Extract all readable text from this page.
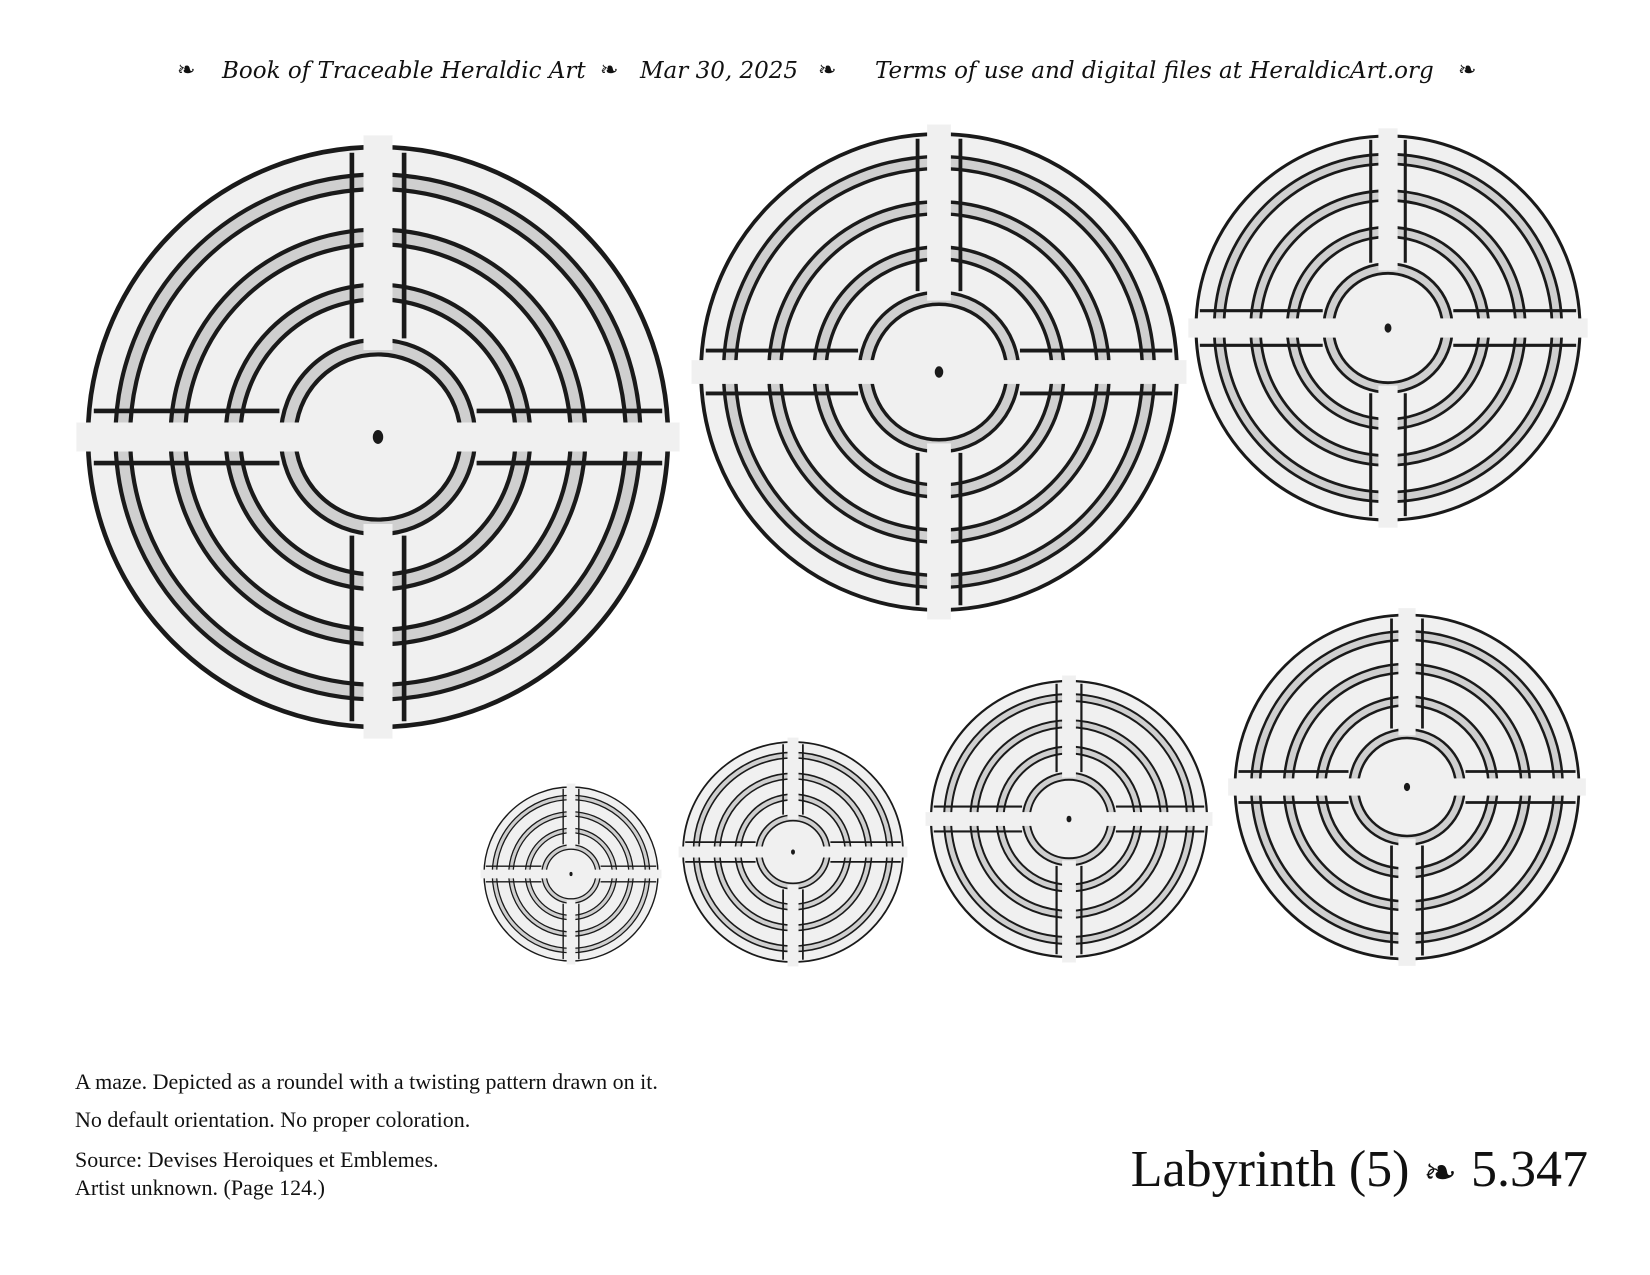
❧ Book of Traceable Heraldic Art ❧ Mar 30, 2025 ❧ Terms of use and digital files at HeraldicArt.org ❧
A maze. Depicted as a roundel with a twisting pattern drawn on it.
No default orientation. No proper coloration.
Source: Devises Heroiques et Emblemes.
Artist unknown. (Page 124.)	Labyrinth (5) ❧ 5.347
